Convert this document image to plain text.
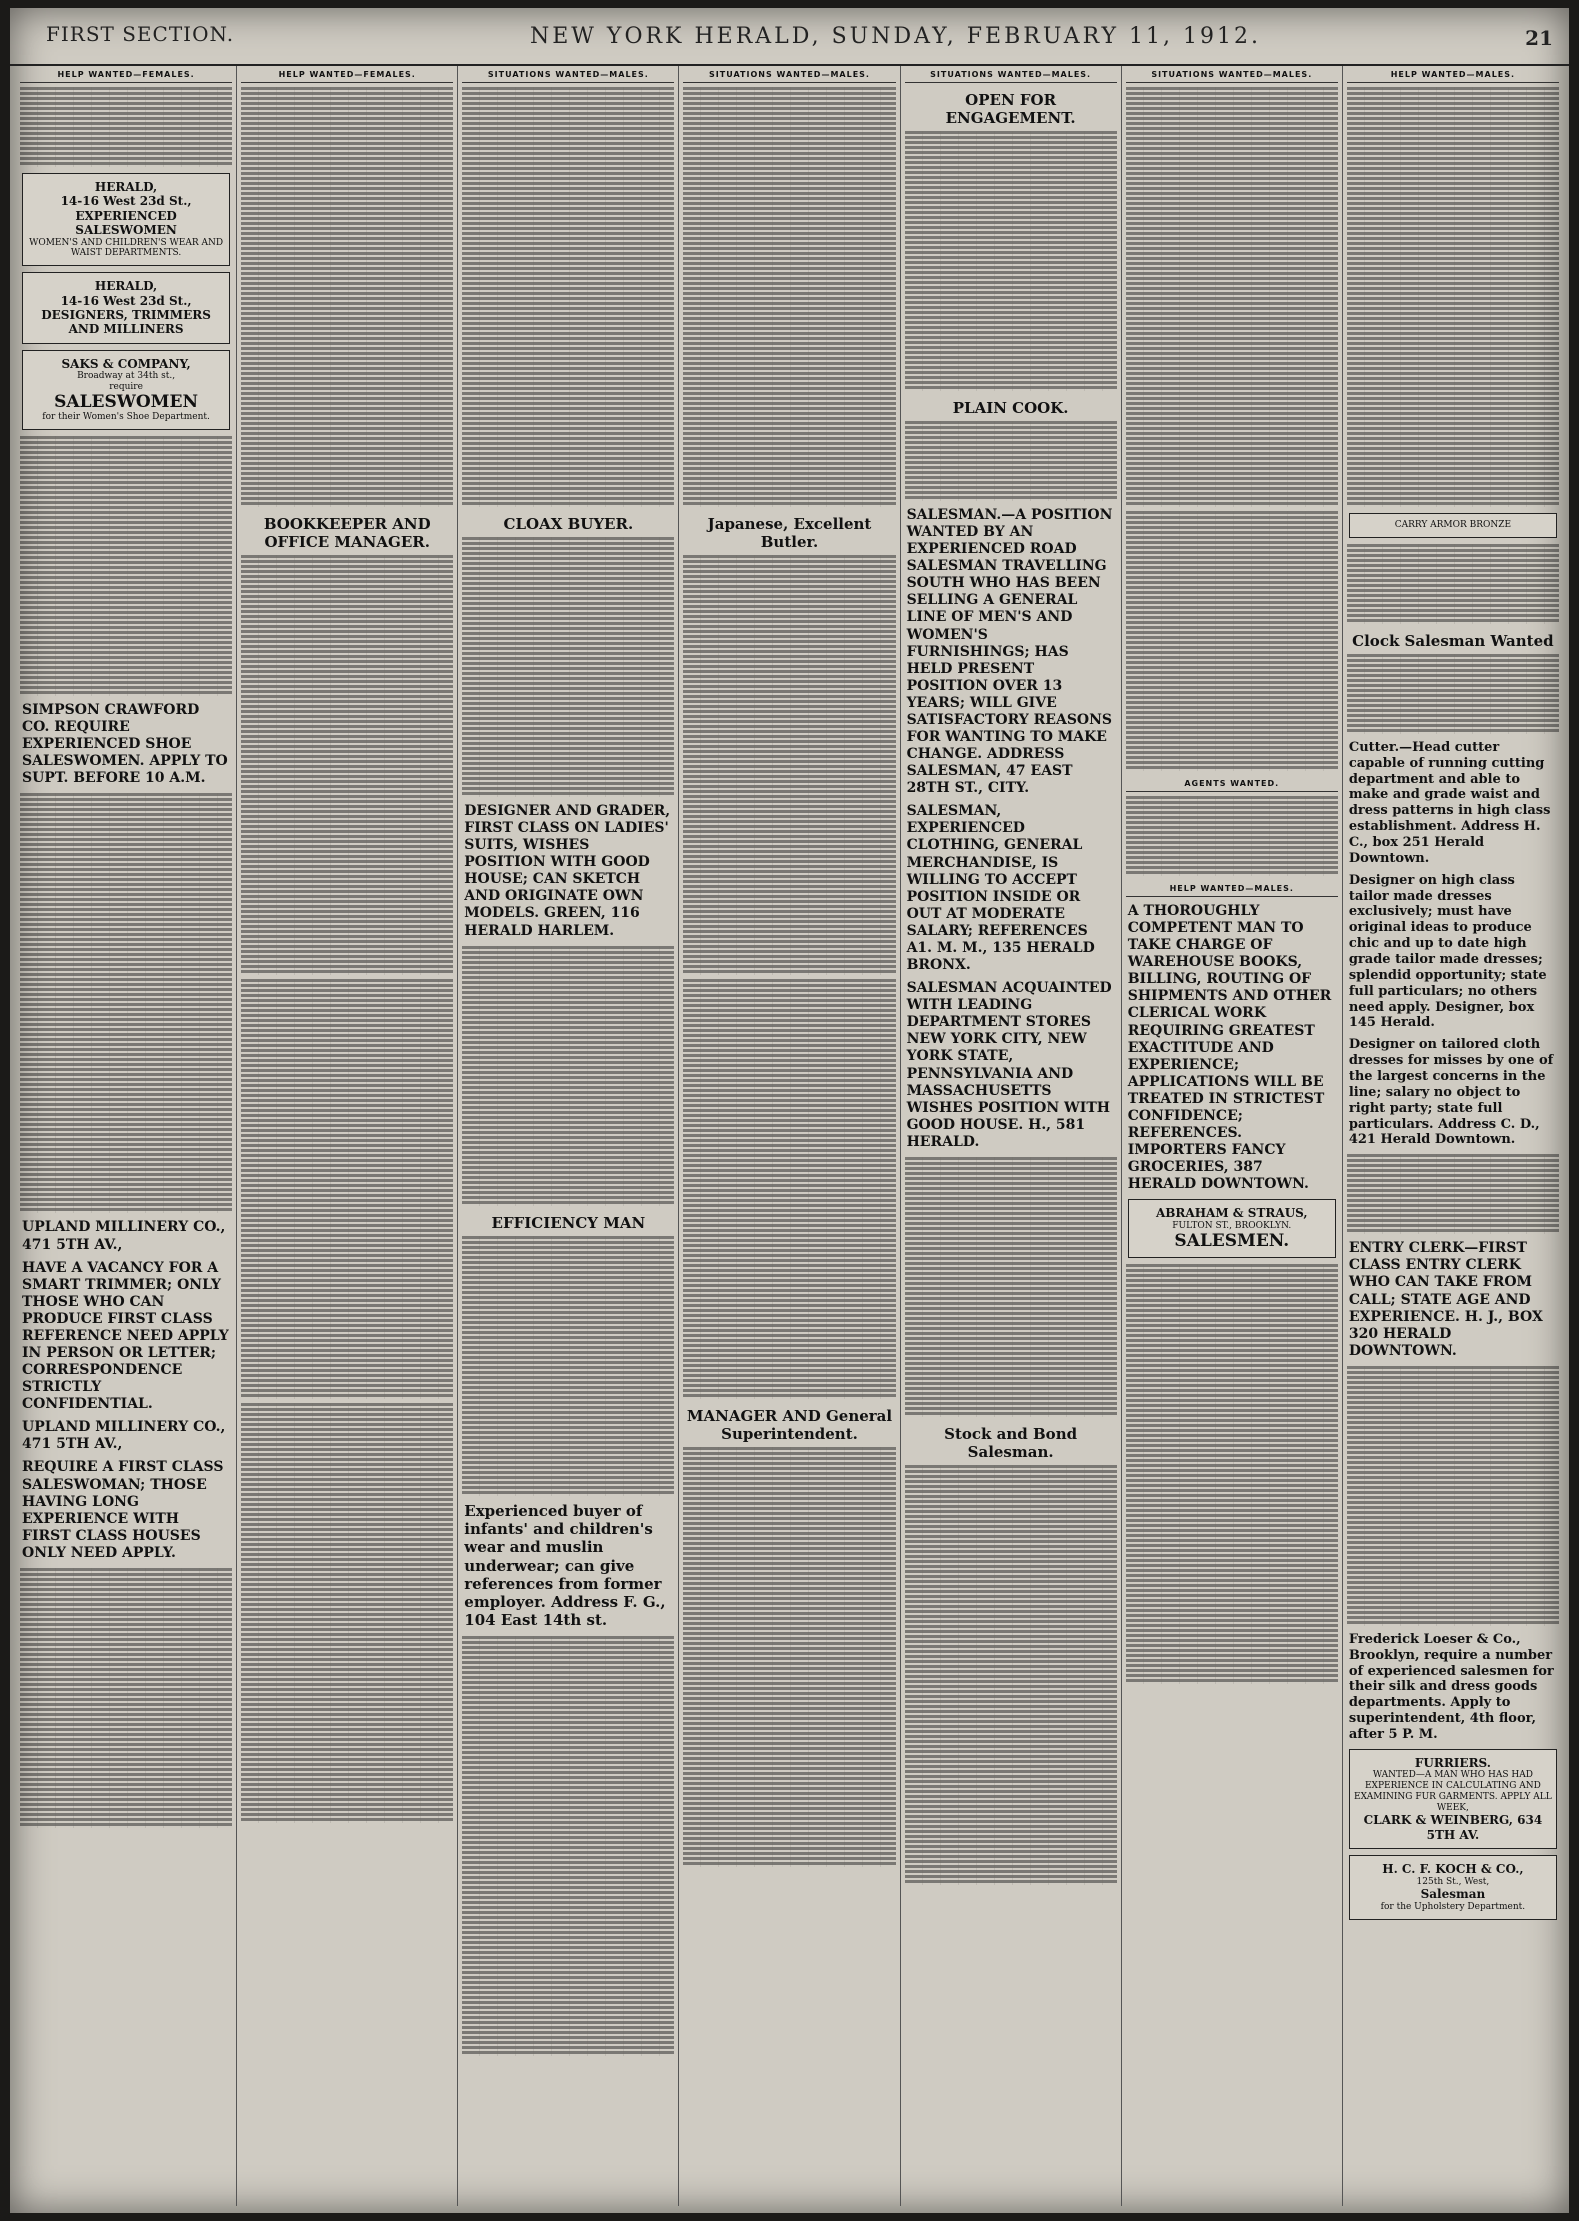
FIRST SECTION.	NEW YORK HERALD, SUNDAY, FEBRUARY 11, 1912.	21
HELP WANTED—FEMALES.
HERALD,
14-16 West 23d St.,
EXPERIENCED SALESWOMEN
WOMEN'S AND CHILDREN'S WEAR AND WAIST DEPARTMENTS.
HERALD,
14-16 West 23d St.,
DESIGNERS, TRIMMERS AND MILLINERS
SAKS & COMPANY,
Broadway at 34th st.,
require
SALESWOMEN
for their Women's Shoe Department.
SIMPSON CRAWFORD CO. REQUIRE EXPERIENCED SHOE SALESWOMEN. APPLY TO SUPT. BEFORE 10 A.M.
UPLAND MILLINERY CO., 471 5TH AV.,
HAVE A VACANCY FOR A SMART TRIMMER; ONLY THOSE WHO CAN PRODUCE FIRST CLASS REFERENCE NEED APPLY IN PERSON OR LETTER; CORRESPONDENCE STRICTLY CONFIDENTIAL.
UPLAND MILLINERY CO., 471 5TH AV.,
REQUIRE A FIRST CLASS SALESWOMAN; THOSE HAVING LONG EXPERIENCE WITH FIRST CLASS HOUSES ONLY NEED APPLY.
HELP WANTED—FEMALES.
BOOKKEEPER AND OFFICE MANAGER.
SITUATIONS WANTED—MALES.
CLOAX BUYER.
DESIGNER AND GRADER, FIRST CLASS ON LADIES' SUITS, WISHES POSITION WITH GOOD HOUSE; CAN SKETCH AND ORIGINATE OWN MODELS. GREEN, 116 HERALD HARLEM.
EFFICIENCY MAN
Experienced buyer of infants' and children's wear and muslin underwear; can give references from former employer. Address F. G., 104 East 14th st.
SITUATIONS WANTED—MALES.
Japanese, Excellent Butler.
MANAGER AND General Superintendent.
SITUATIONS WANTED—MALES.
OPEN FOR ENGAGEMENT.
PLAIN COOK.
SALESMAN.—A POSITION WANTED BY AN EXPERIENCED ROAD SALESMAN TRAVELLING SOUTH WHO HAS BEEN SELLING A GENERAL LINE OF MEN'S AND WOMEN'S FURNISHINGS; HAS HELD PRESENT POSITION OVER 13 YEARS; WILL GIVE SATISFACTORY REASONS FOR WANTING TO MAKE CHANGE. ADDRESS SALESMAN, 47 EAST 28TH ST., CITY.
SALESMAN, EXPERIENCED CLOTHING, GENERAL MERCHANDISE, IS WILLING TO ACCEPT POSITION INSIDE OR OUT AT MODERATE SALARY; REFERENCES A1. M. M., 135 HERALD BRONX.
SALESMAN ACQUAINTED WITH LEADING DEPARTMENT STORES NEW YORK CITY, NEW YORK STATE, PENNSYLVANIA AND MASSACHUSETTS WISHES POSITION WITH GOOD HOUSE. H., 581 HERALD.
Stock and Bond Salesman.
SITUATIONS WANTED—MALES.
AGENTS WANTED.
HELP WANTED—MALES.
A THOROUGHLY COMPETENT MAN TO TAKE CHARGE OF WAREHOUSE BOOKS, BILLING, ROUTING OF SHIPMENTS AND OTHER CLERICAL WORK REQUIRING GREATEST EXACTITUDE AND EXPERIENCE; APPLICATIONS WILL BE TREATED IN STRICTEST CONFIDENCE; REFERENCES. IMPORTERS FANCY GROCERIES, 387 HERALD DOWNTOWN.
ABRAHAM & STRAUS,
FULTON ST., BROOKLYN.
SALESMEN.
HELP WANTED—MALES.
CARRY ARMOR BRONZE
Clock Salesman Wanted
Cutter.—Head cutter capable of running cutting department and able to make and grade waist and dress patterns in high class establishment. Address H. C., box 251 Herald Downtown.
Designer on high class tailor made dresses exclusively; must have original ideas to produce chic and up to date high grade tailor made dresses; splendid opportunity; state full particulars; no others need apply. Designer, box 145 Herald.
Designer on tailored cloth dresses for misses by one of the largest concerns in the line; salary no object to right party; state full particulars. Address C. D., 421 Herald Downtown.
ENTRY CLERK—FIRST CLASS ENTRY CLERK WHO CAN TAKE FROM CALL; STATE AGE AND EXPERIENCE. H. J., BOX 320 HERALD DOWNTOWN.
Frederick Loeser & Co., Brooklyn, require a number of experienced salesmen for their silk and dress goods departments. Apply to superintendent, 4th floor, after 5 P. M.
FURRIERS.
WANTED—A MAN WHO HAS HAD EXPERIENCE IN CALCULATING AND EXAMINING FUR GARMENTS. APPLY ALL WEEK,
CLARK & WEINBERG, 634 5TH AV.
H. C. F. KOCH & CO.,
125th St., West,
Salesman
for the Upholstery Department.
